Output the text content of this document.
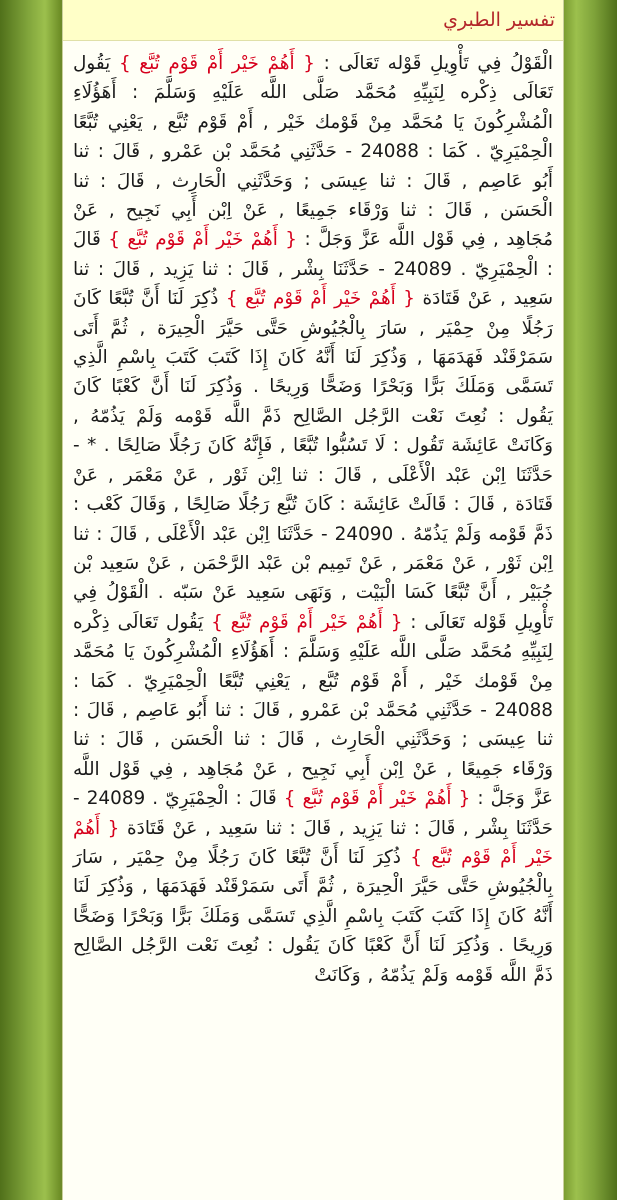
تفسير الطبري
الْقَوْلُ فِي تَأْوِيلِ قَوْله تَعَالَى : { أَهُمْ خَيْر أَمْ قَوْم تُبَّع } يَقُول تَعَالَى ذِكْره لِنَبِيِّهِ مُحَمَّد صَلَّى اللَّه عَلَيْهِ وَسَلَّمَ : أَهَؤُلَاءِ الْمُشْرِكُونَ يَا مُحَمَّد مِنْ قَوْمك خَيْر , أَمْ قَوْم تُبَّع , يَعْنِي تُبَّعًا الْحِمْيَرِيّ . كَمَا : 24088 - حَدَّثَنِي مُحَمَّد بْن عَمْرو , قَالَ : ثنا أَبُو عَاصِم , قَالَ : ثنا عِيسَى ; وَحَدَّثَنِي الْحَارِث , قَالَ : ثنا الْحَسَن , قَالَ : ثنا وَرْقَاء جَمِيعًا , عَنْ اِبْن أَبِي نَجِيح , عَنْ مُجَاهِد , فِي قَوْل اللَّه عَزَّ وَجَلَّ : { أَهُمْ خَيْر أَمْ قَوْم تُبَّع } قَالَ : الْحِمْيَرِيّ . 24089 - حَدَّثَنَا بِشْر , قَالَ : ثنا يَزِيد , قَالَ : ثنا سَعِيد , عَنْ قَتَادَة { أَهُمْ خَيْر أَمْ قَوْم تُبَّع } ذُكِرَ لَنَا أَنَّ تُبَّعًا كَانَ رَجُلًا مِنْ حِمْيَر , سَارَ بِالْجُيُوشِ حَتَّى حَيَّرَ الْحِيرَة , ثُمَّ أَتَى سَمَرْقَنْد فَهَدَمَهَا , وَذُكِرَ لَنَا أَنَّهُ كَانَ إِذَا كَتَبَ كَتَبَ بِاسْمِ الَّذِي تَسَمَّى وَمَلَكَ بَرًّا وَبَحْرًا وَضَحًّا وَرِيحًا . وَذُكِرَ لَنَا أَنَّ كَعْبًا كَانَ يَقُول : نُعِتَ نَعْت الرَّجُل الصَّالِح ذَمَّ اللَّه قَوْمه وَلَمْ يَذُمّهُ , وَكَانَتْ عَائِشَة تَقُول : لَا تَسُبُّوا تُبَّعًا , فَإِنَّهُ كَانَ رَجُلًا صَالِحًا . * - حَدَّثَنَا اِبْن عَبْد الْأَعْلَى , قَالَ : ثنا اِبْن ثَوْر , عَنْ مَعْمَر , عَنْ قَتَادَة , قَالَ : قَالَتْ عَائِشَة : كَانَ تُبَّع رَجُلًا صَالِحًا , وَقَالَ كَعْب : ذَمَّ قَوْمه وَلَمْ يَذُمّهُ . 24090 - حَدَّثَنَا اِبْن عَبْد الْأَعْلَى , قَالَ : ثنا اِبْن ثَوْر , عَنْ مَعْمَر , عَنْ تَمِيم بْن عَبْد الرَّحْمَن , عَنْ سَعِيد بْن جُبَيْر , أَنَّ تُبَّعًا كَسَا الْبَيْت , وَنَهَى سَعِيد عَنْ سَبّه . الْقَوْلُ فِي تَأْوِيلِ قَوْله تَعَالَى : { أَهُمْ خَيْر أَمْ قَوْم تُبَّع } يَقُول تَعَالَى ذِكْره لِنَبِيِّهِ مُحَمَّد صَلَّى اللَّه عَلَيْهِ وَسَلَّمَ : أَهَؤُلَاءِ الْمُشْرِكُونَ يَا مُحَمَّد مِنْ قَوْمك خَيْر , أَمْ قَوْم تُبَّع , يَعْنِي تُبَّعًا الْحِمْيَرِيّ . كَمَا : 24088 - حَدَّثَنِي مُحَمَّد بْن عَمْرو , قَالَ : ثنا أَبُو عَاصِم , قَالَ : ثنا عِيسَى ; وَحَدَّثَنِي الْحَارِث , قَالَ : ثنا الْحَسَن , قَالَ : ثنا وَرْقَاء جَمِيعًا , عَنْ اِبْن أَبِي نَجِيح , عَنْ مُجَاهِد , فِي قَوْل اللَّه عَزَّ وَجَلَّ : { أَهُمْ خَيْر أَمْ قَوْم تُبَّع } قَالَ : الْحِمْيَرِيّ . 24089 - حَدَّثَنَا بِشْر , قَالَ : ثنا يَزِيد , قَالَ : ثنا سَعِيد , عَنْ قَتَادَة { أَهُمْ خَيْر أَمْ قَوْم تُبَّع } ذُكِرَ لَنَا أَنَّ تُبَّعًا كَانَ رَجُلًا مِنْ حِمْيَر , سَارَ بِالْجُيُوشِ حَتَّى حَيَّرَ الْحِيرَة , ثُمَّ أَتَى سَمَرْقَنْد فَهَدَمَهَا , وَذُكِرَ لَنَا أَنَّهُ كَانَ إِذَا كَتَبَ كَتَبَ بِاسْمِ الَّذِي تَسَمَّى وَمَلَكَ بَرًّا وَبَحْرًا وَضَحًّا وَرِيحًا . وَذُكِرَ لَنَا أَنَّ كَعْبًا كَانَ يَقُول : نُعِتَ نَعْت الرَّجُل الصَّالِح ذَمَّ اللَّه قَوْمه وَلَمْ يَذُمّهُ , وَكَانَتْ
